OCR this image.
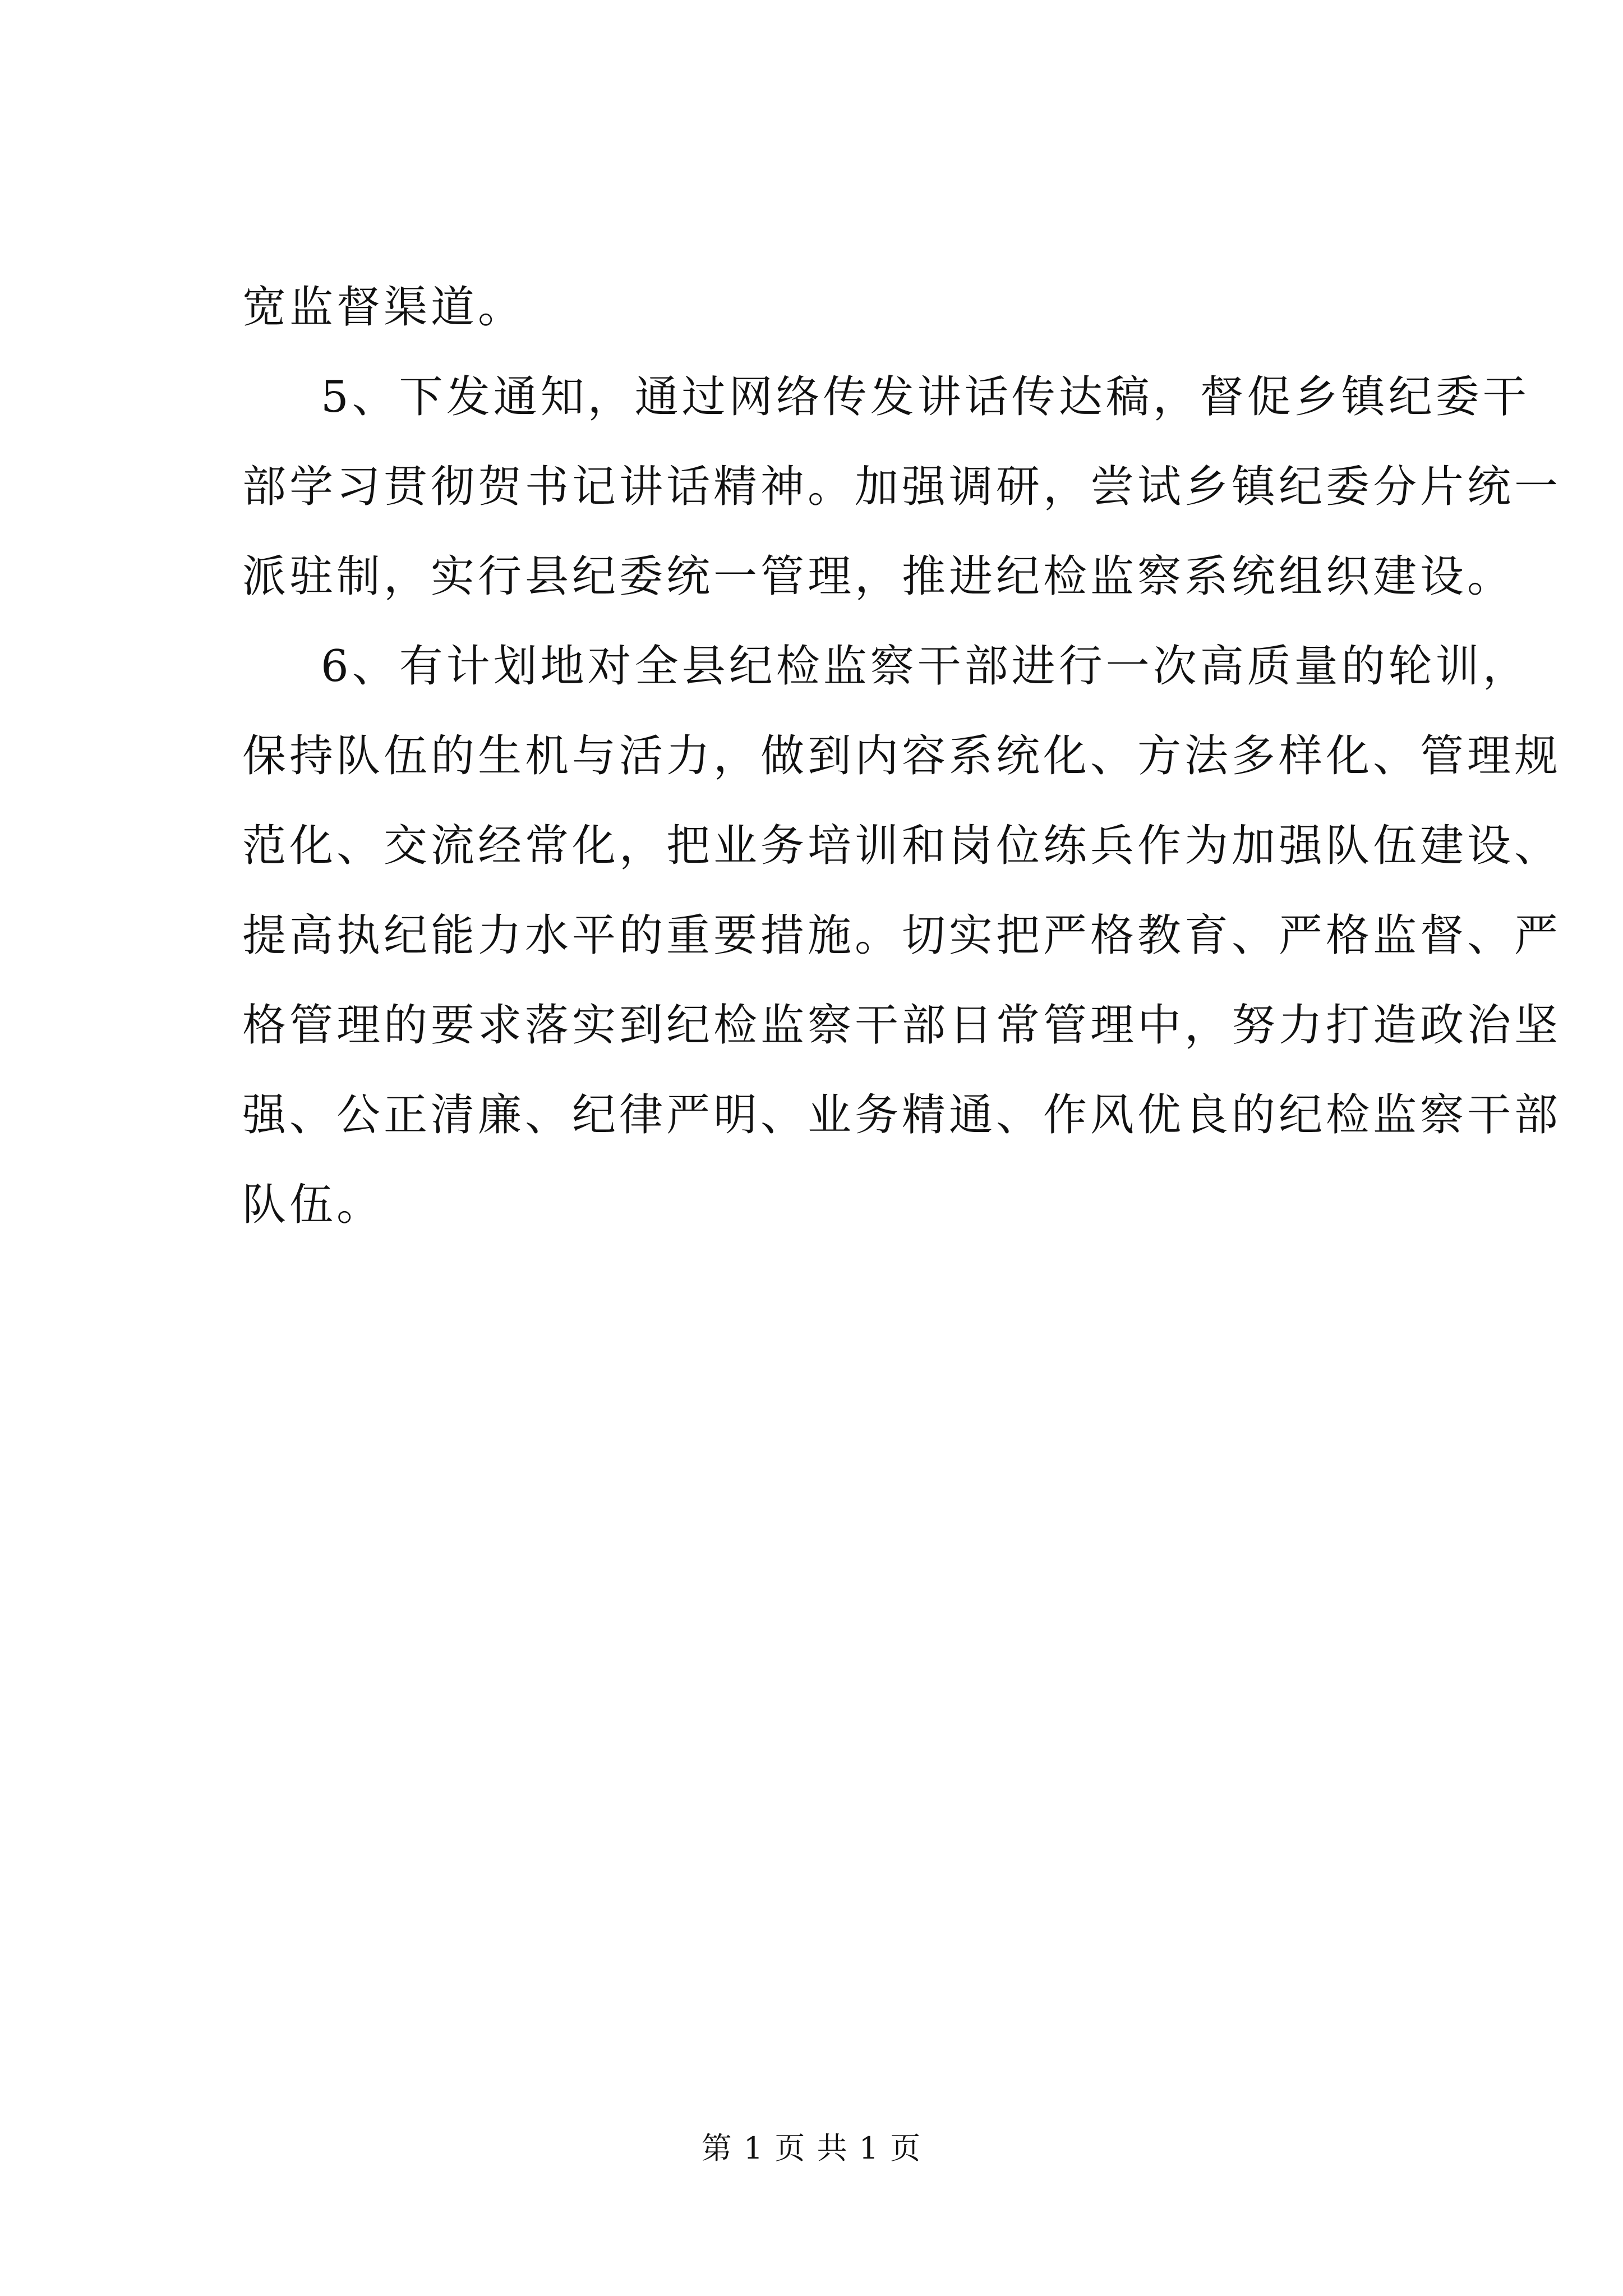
宽监督渠道。
5、下发通知，通过网络传发讲话传达稿，督促乡镇纪委干
部学习贯彻贺书记讲话精神。加强调研，尝试乡镇纪委分片统一
派驻制，实行县纪委统一管理，推进纪检监察系统组织建设。
6、有计划地对全县纪检监察干部进行一次高质量的轮训，
保持队伍的生机与活力，做到内容系统化、方法多样化、管理规
范化、交流经常化，把业务培训和岗位练兵作为加强队伍建设、
提高执纪能力水平的重要措施。切实把严格教育、严格监督、严
格管理的要求落实到纪检监察干部日常管理中，努力打造政治坚
强、公正清廉、纪律严明、业务精通、作风优良的纪检监察干部
队伍。
第 1 页 共 1 页
